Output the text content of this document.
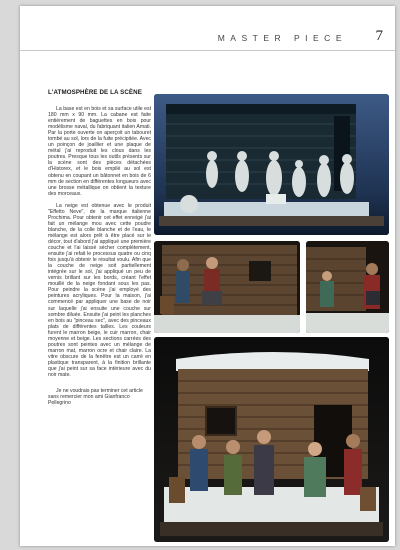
MASTER PIECE 7
L'ATMOSPHÈRE DE LA SCÈNE

La base est en bois et sa surface utile est 180 mm x 90 mm. La cabane est faite entièrement de baguettes en bois pour modélisme naval, du fabriquant italien Amati. Par la porte ouverte on aperçoit un tabouret tombé au sol, lors de la fuite précipitée. Avec un poinçon de joaillier et une plaque de métal j'ai reproduit les clous dans les poutres. Presque tous les outils présents sur la scène sont des pièces détachées d'Historex, et le bois empilé au sol est obtenu en coupant un bâtonnet en bois de 6 mm de section en différentes longueurs avec une brosse métallique on obtient la texture des morceaux.

La neige est obtenue avec le produit "Effetto Neve", de la marque italienne Prochima. Pour obtenir cet effet enneigé j'ai fait un mélange mou avec cette poudre blanche, de la colle blanche et de l'eau, le mélange est alors prêt à être placé sur le décor, tout d'abord j'ai appliqué une première couche et l'ai laissé sécher complètement, ensuite j'ai refait le processus quatre ou cinq fois jusqu'à obtenir le résultat voulu. Afin que la couche de neige soit partiellement intégrée sur le sol, j'ai appliqué un peu de vernis brillant sur les bords, créant l'effet mouillé de la neige fondant sous les pas. Pour peindre la scène j'ai employé des peintures acryliques. Pour la maison, j'ai commencé par appliquer une base de noir sur laquelle j'ai ensuite une couche sur sombre diluée. Ensuite j'ai peint les planches en bois au "pinceau sec", avec des pinceaux plats de différentes tailles. Les couleurs furent le marron beige, le cuir marron, chair moyenne et beige. Les sections carrées des poutres sont peintes avec un mélange de marron mat, marron ocre et chair claire. La vitre obscure de la fenêtre est un carré en plastique transparent, à la finition brillante que j'ai peint sur sa face intérieure avec du noir mate.

Je ne voudrais pas terminer cet article sans remercier mon ami Gianfranco Pellegrino
